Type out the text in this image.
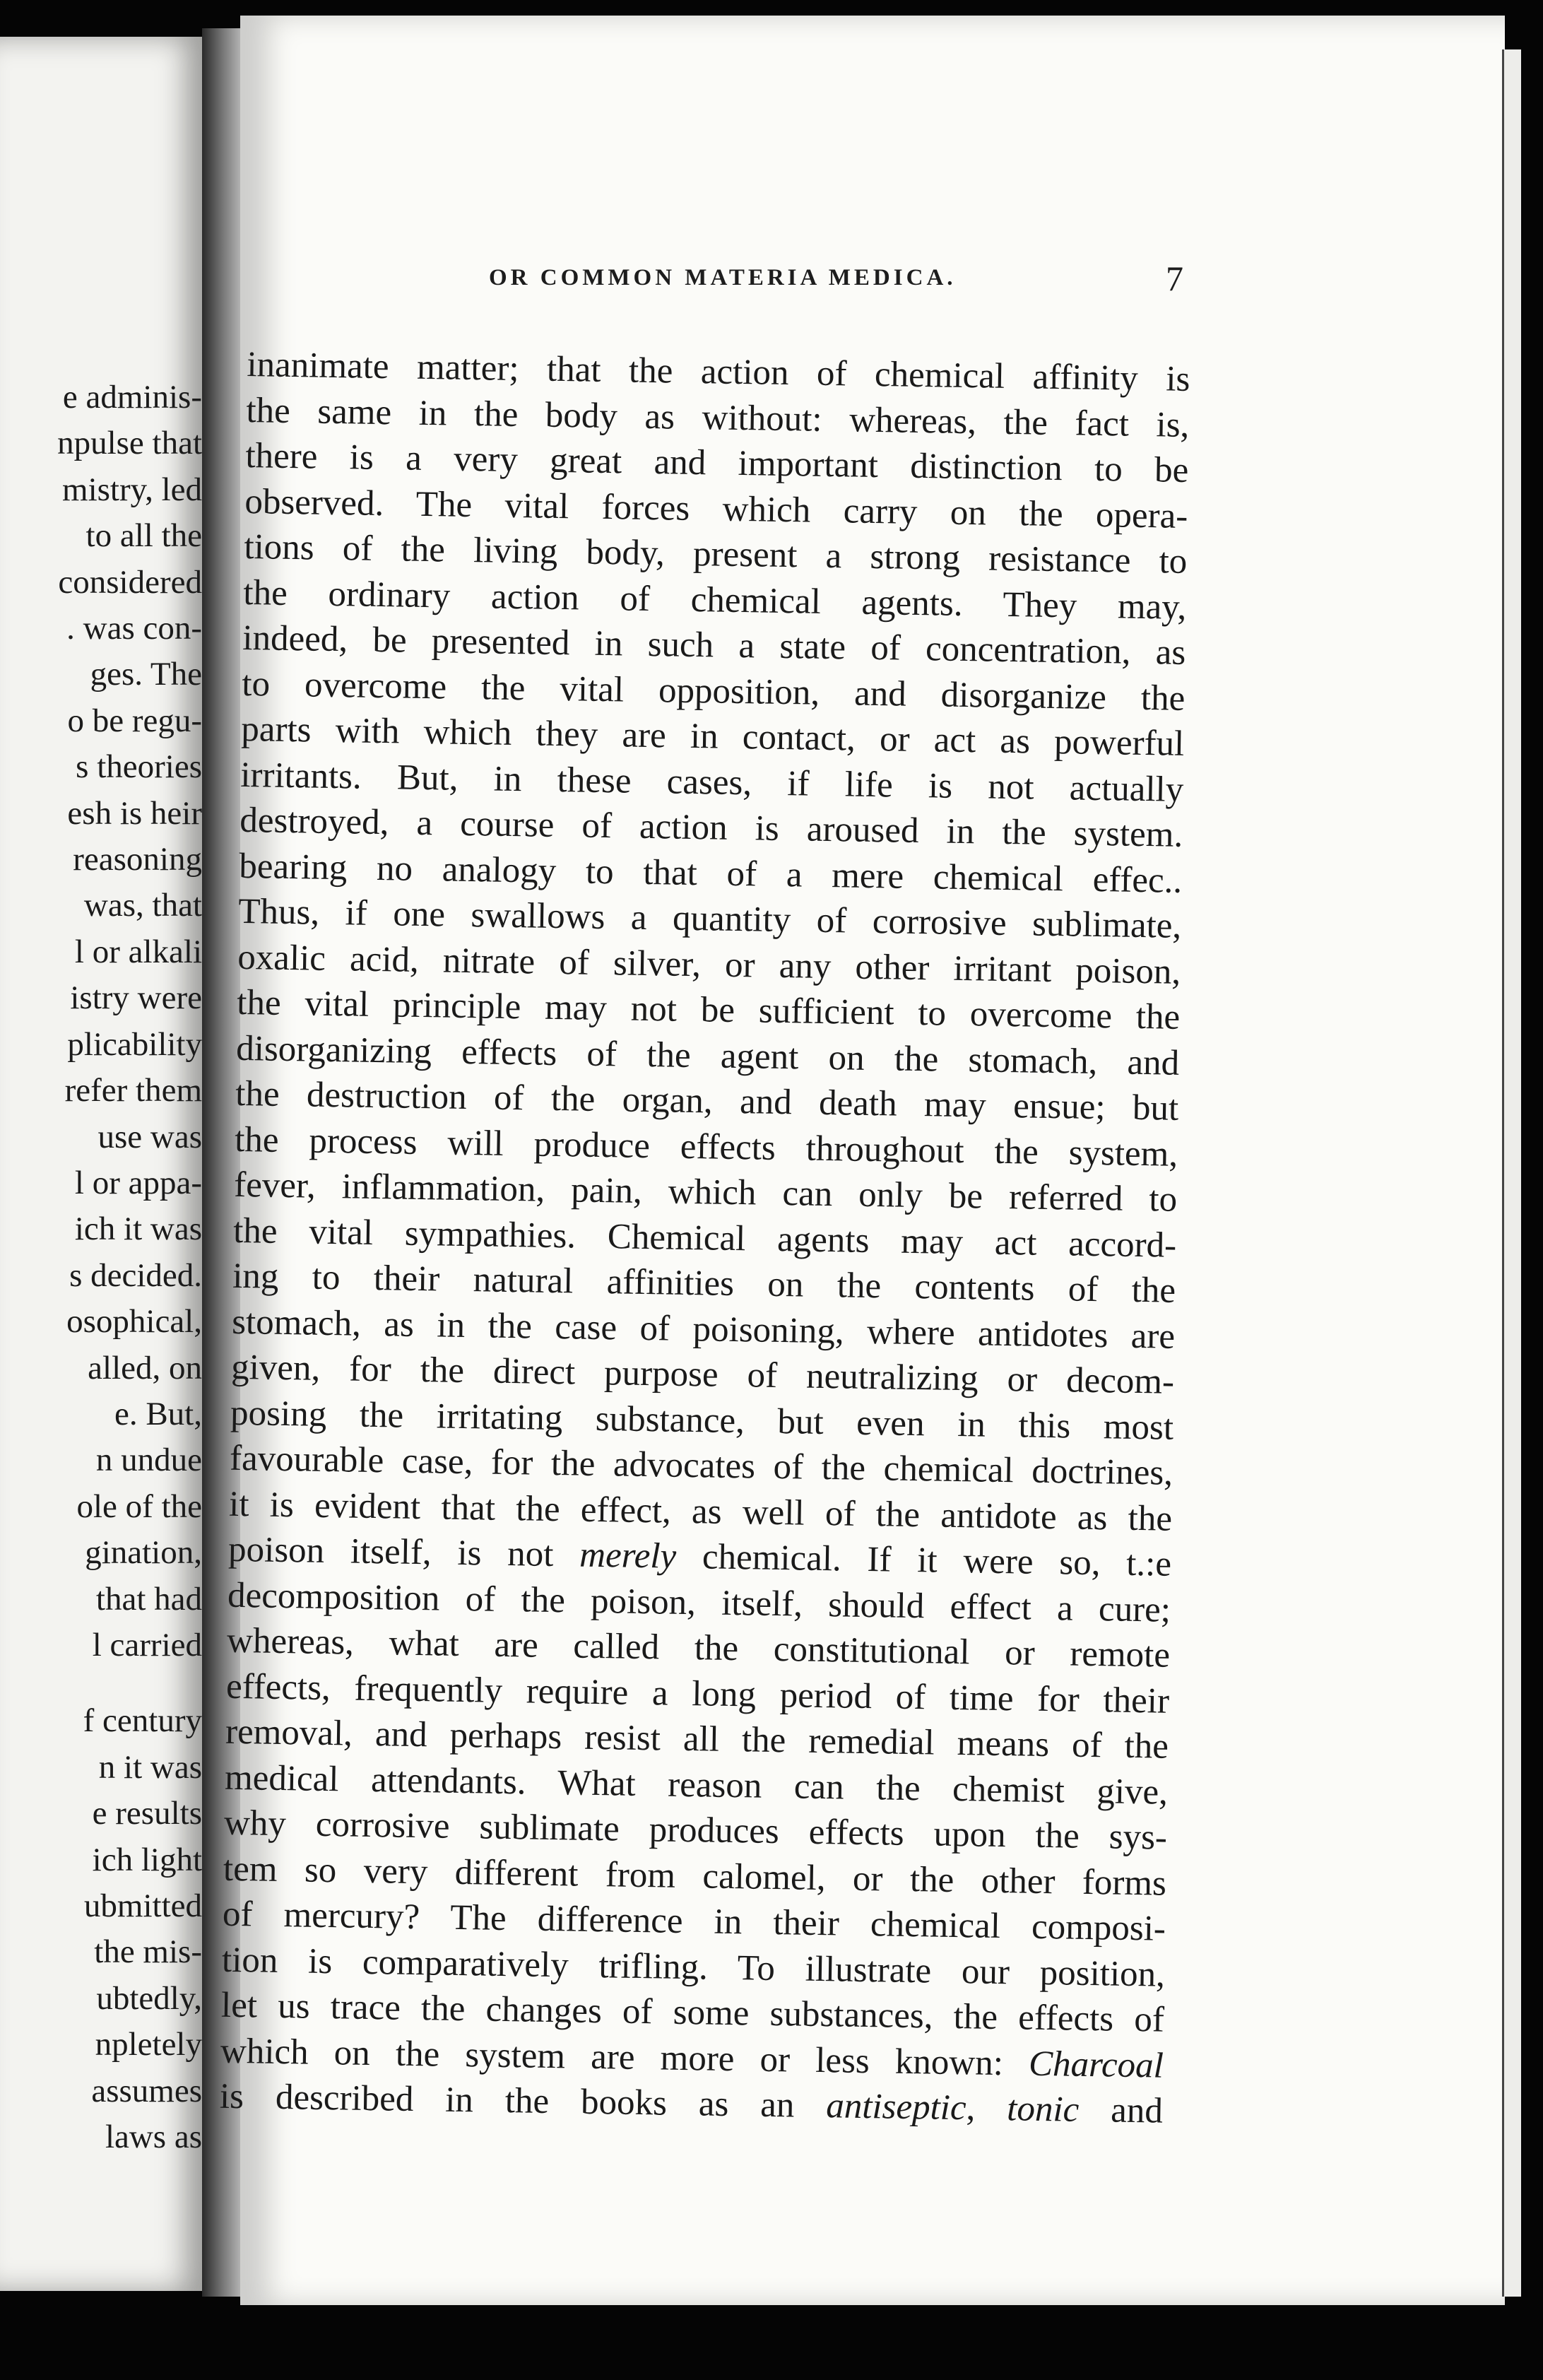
e adminis-
npulse that
mistry, led
to all the
considered
. was con-
ges. The
o be regu-
s theories
esh is heir
reasoning
was, that
l or alkali
istry were
plicability
refer them
use was
l or appa-
ich it was
s decided.
osophical,
alled, on
e. But,
n undue
ole of the
gination,
that had
l carried
f century
n it was
e results
ich light
ubmitted
the mis-
ubtedly,
npletely
assumes
laws as
OR COMMON MATERIA MEDICA.	7
inanimate matter; that the action of chemical affinity is
the same in the body as without: whereas, the fact is,
there is a very great and important distinction to be
observed. The vital forces which carry on the opera-
tions of the living body, present a strong resistance to
the ordinary action of chemical agents. They may,
indeed, be presented in such a state of concentration, as
to overcome the vital opposition, and disorganize the
parts with which they are in contact, or act as powerful
irritants. But, in these cases, if life is not actually
destroyed, a course of action is aroused in the system.
bearing no analogy to that of a mere chemical effec..
Thus, if one swallows a quantity of corrosive sublimate,
oxalic acid, nitrate of silver, or any other irritant poison,
the vital principle may not be sufficient to overcome the
disorganizing effects of the agent on the stomach, and
the destruction of the organ, and death may ensue; but
the process will produce effects throughout the system,
fever, inflammation, pain, which can only be referred to
the vital sympathies. Chemical agents may act accord-
ing to their natural affinities on the contents of the
stomach, as in the case of poisoning, where antidotes are
given, for the direct purpose of neutralizing or decom-
posing the irritating substance, but even in this most
favourable case, for the advocates of the chemical doctrines,
it is evident that the effect, as well of the antidote as the
poison itself, is not merely chemical. If it were so, t.:e
decomposition of the poison, itself, should effect a cure;
whereas, what are called the constitutional or remote
effects, frequently require a long period of time for their
removal, and perhaps resist all the remedial means of the
medical attendants. What reason can the chemist give,
why corrosive sublimate produces effects upon the sys-
tem so very different from calomel, or the other forms
of mercury? The difference in their chemical composi-
tion is comparatively trifling. To illustrate our position,
let us trace the changes of some substances, the effects of
which on the system are more or less known: Charcoal
is described in the books as an antiseptic, tonic and
